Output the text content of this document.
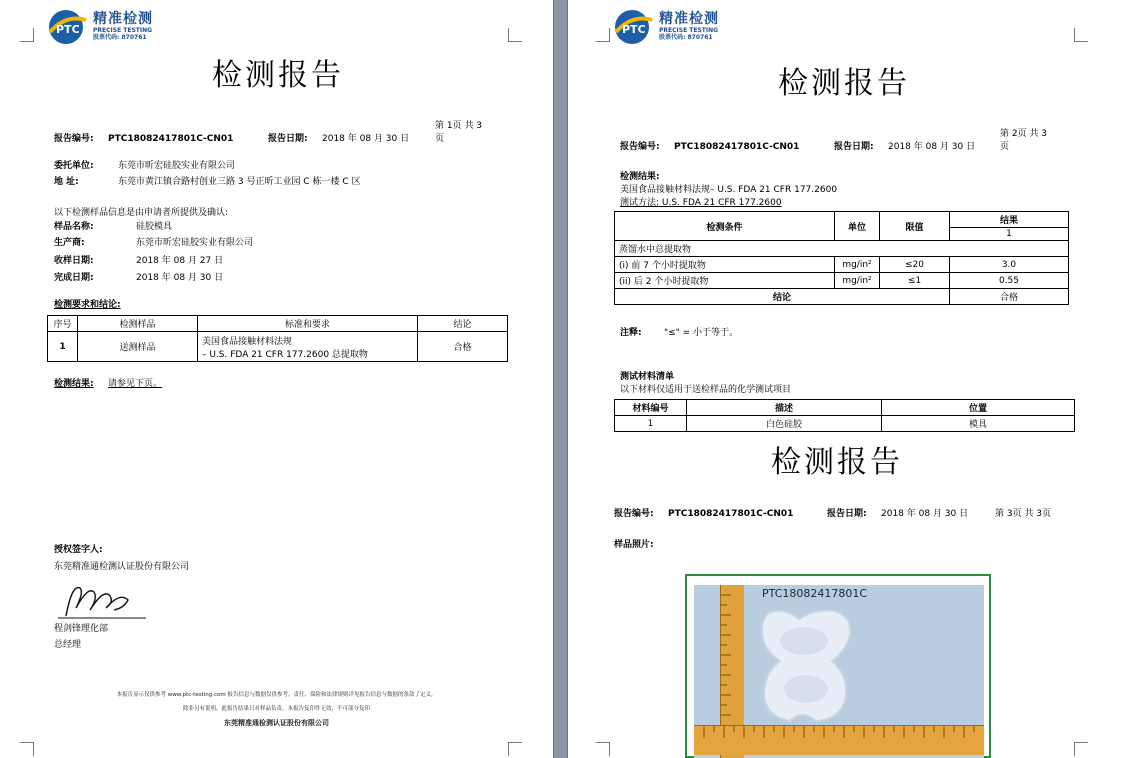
PTC
精准检测
PRECISE TESTING
股票代码: 870761
检测报告
第 1页 共 3
报告编号: PTC18082417801C-CN01	报告日期: 2018 年 08 月 30 日	页
委托单位:	东莞市昕宏硅胶实业有限公司
地 址:	东莞市黄江镇合路村创业三路 3 号正昕工业园 C 栋一楼 C 区
以下检测样品信息是由申请者所提供及确认:
样品名称:	硅胶模具
生产商:	东莞市昕宏硅胶实业有限公司
收样日期:	2018 年 08 月 27 日
完成日期:	2018 年 08 月 30 日
检测要求和结论:
序号	检测样品	标准和要求	结论
1	送测样品	美国食品接触材料法规
– U.S. FDA 21 CFR 177.2600 总提取物	合格
检测结果: 请参见下页。
授权签字人:
东莞精准通检测认证股份有限公司
程剑锋理化部
总经理
本报告显示仅供参考 www.ptc-testing.com 报告信息与数据仅供参考。责任、保险和法律规则详见报告信息与数据的条款了定义。
除非另有说明，此报告结果只对样品负责。本报告复印件无效，不可部分复印
东莞精准通检测认证股份有限公司
PTC
精准检测
PRECISE TESTING
股票代码: 870761
检测报告
第 2页 共 3
报告编号: PTC18082417801C-CN01	报告日期: 2018 年 08 月 30 日	页
检测结果:
美国食品接触材料法规– U.S. FDA 21 CFR 177.2600
测试方法: U.S. FDA 21 CFR 177.2600
检测条件	单位	限值	结果
			1
蒸馏水中总提取物			
(i) 前 7 个小时提取物	mg/in²	≤20	3.0
(ii) 后 2 个小时提取物	mg/in²	≤1	0.55
结论			合格
注释: "≤" = 小于等于。
测试材料清单
以下材料仅适用于送检样品的化学测试项目
材料编号	描述	位置
1	白色硅胶	模具
检测报告
报告编号: PTC18082417801C-CN01	报告日期: 2018 年 08 月 30 日	第 3页 共 3页
样品照片:
PTC18082417801C
